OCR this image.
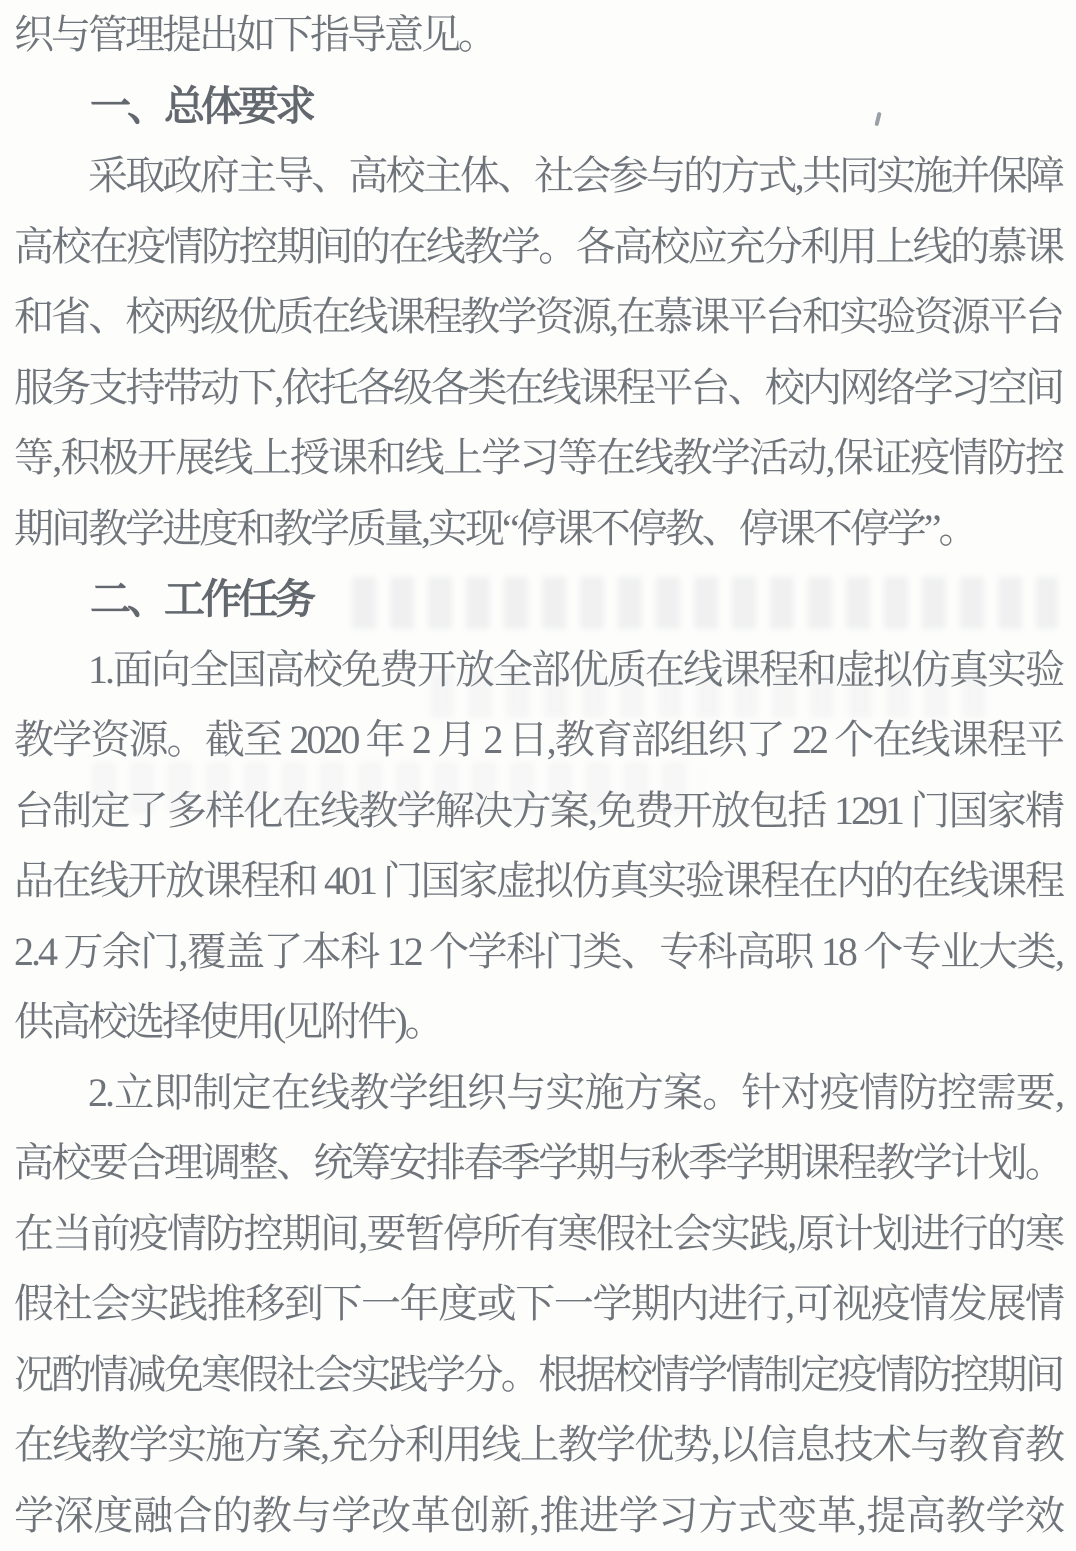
织与管理提出如下指导意见。
一、总体要求
采取政府主导、高校主体、社会参与的方式,共同实施并保障
高校在疫情防控期间的在线教学。各高校应充分利用上线的慕课
和省、校两级优质在线课程教学资源,在慕课平台和实验资源平台
服务支持带动下,依托各级各类在线课程平台、校内网络学习空间
等,积极开展线上授课和线上学习等在线教学活动,保证疫情防控
期间教学进度和教学质量,实现“停课不停教、停课不停学”。
二、工作任务
1.面向全国高校免费开放全部优质在线课程和虚拟仿真实验
教学资源。截至 2020 年 2 月 2 日,教育部组织了 22 个在线课程平
台制定了多样化在线教学解决方案,免费开放包括 1291 门国家精
品在线开放课程和 401 门国家虚拟仿真实验课程在内的在线课程
2.4 万余门,覆盖了本科 12 个学科门类、专科高职 18 个专业大类,
供高校选择使用(见附件)。
2.立即制定在线教学组织与实施方案。针对疫情防控需要,
高校要合理调整、统筹安排春季学期与秋季学期课程教学计划。
在当前疫情防控期间,要暂停所有寒假社会实践,原计划进行的寒
假社会实践推移到下一年度或下一学期内进行,可视疫情发展情
况酌情减免寒假社会实践学分。根据校情学情制定疫情防控期间
在线教学实施方案,充分利用线上教学优势,以信息技术与教育教
学深度融合的教与学改革创新,推进学习方式变革,提高教学效
